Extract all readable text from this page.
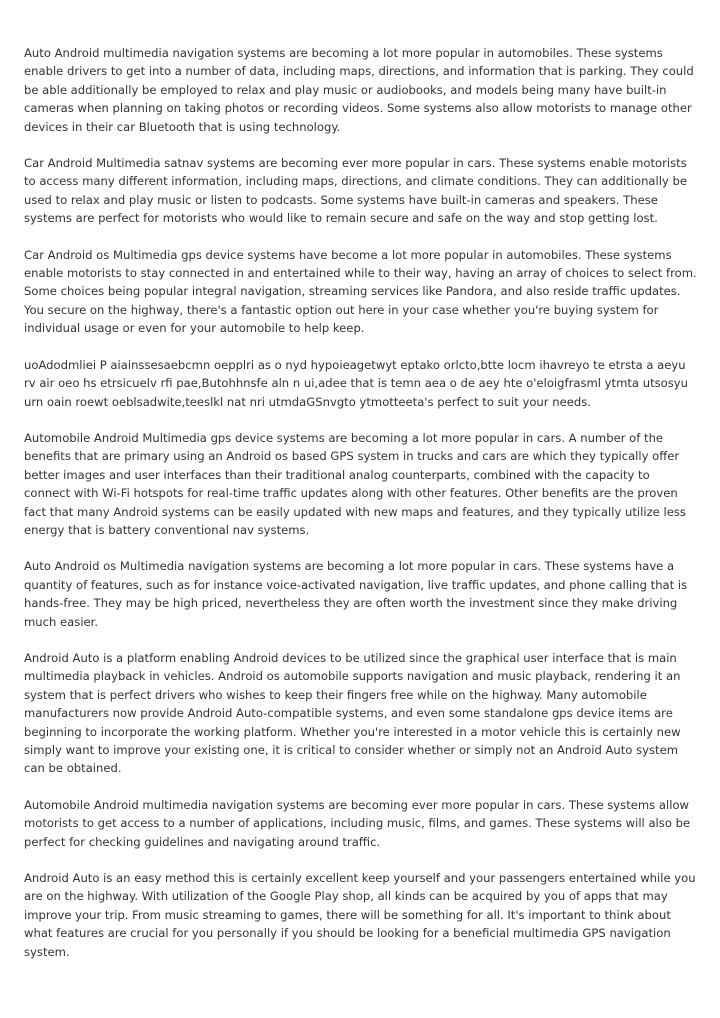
Auto Android multimedia navigation systems are becoming a lot more popular in automobiles. These systems enable drivers to get into a number of data, including maps, directions, and information that is parking. They could be able additionally be employed to relax and play music or audiobooks, and models being many have built-in cameras when planning on taking photos or recording videos. Some systems also allow motorists to manage other devices in their car Bluetooth that is using technology.

Car Android Multimedia satnav systems are becoming ever more popular in cars. These systems enable motorists to access many different information, including maps, directions, and climate conditions. They can additionally be used to relax and play music or listen to podcasts. Some systems have built-in cameras and speakers. These systems are perfect for motorists who would like to remain secure and safe on the way and stop getting lost.

Car Android os Multimedia gps device systems have become a lot more popular in automobiles. These systems enable motorists to stay connected in and entertained while to their way, having an array of choices to select from. Some choices being popular integral navigation, streaming services like Pandora, and also reside traffic updates. You secure on the highway, there's a fantastic option out here in your case whether you're buying system for individual usage or even for your automobile to help keep.

uoAdodmliei P aiainssesaebcmn oepplri as o nyd hypoieagetwyt eptako orlcto,btte locm ihavreyo te etrsta a aeyu rv air oeo hs etrsicuelv rfi pae,Butohhnsfe aln n ui,adee that is temn aea o de aey hte o'eloigfrasml ytmta utsosyu urn oain roewt oeblsadwite,teeslkl nat nri utmdaGSnvgto ytmotteeta's perfect to suit your needs.

Automobile Android Multimedia gps device systems are becoming a lot more popular in cars. A number of the benefits that are primary using an Android os based GPS system in trucks and cars are which they typically offer better images and user interfaces than their traditional analog counterparts, combined with the capacity to connect with Wi-Fi hotspots for real-time traffic updates along with other features. Other benefits are the proven fact that many Android systems can be easily updated with new maps and features, and they typically utilize less energy that is battery conventional nav systems.

Auto Android os Multimedia navigation systems are becoming a lot more popular in cars. These systems have a quantity of features, such as for instance voice-activated navigation, live traffic updates, and phone calling that is hands-free. They may be high priced, nevertheless they are often worth the investment since they make driving much easier.

Android Auto is a platform enabling Android devices to be utilized since the graphical user interface that is main multimedia playback in vehicles. Android os automobile supports navigation and music playback, rendering it an system that is perfect drivers who wishes to keep their fingers free while on the highway. Many automobile manufacturers now provide Android Auto-compatible systems, and even some standalone gps device items are beginning to incorporate the working platform. Whether you're interested in a motor vehicle this is certainly new simply want to improve your existing one, it is critical to consider whether or simply not an Android Auto system can be obtained.

Automobile Android multimedia navigation systems are becoming ever more popular in cars. These systems allow motorists to get access to a number of applications, including music, films, and games. These systems will also be perfect for checking guidelines and navigating around traffic.

Android Auto is an easy method this is certainly excellent keep yourself and your passengers entertained while you are on the highway. With utilization of the Google Play shop, all kinds can be acquired by you of apps that may improve your trip. From music streaming to games, there will be something for all. It's important to think about what features are crucial for you personally if you should be looking for a beneficial multimedia GPS navigation system.
